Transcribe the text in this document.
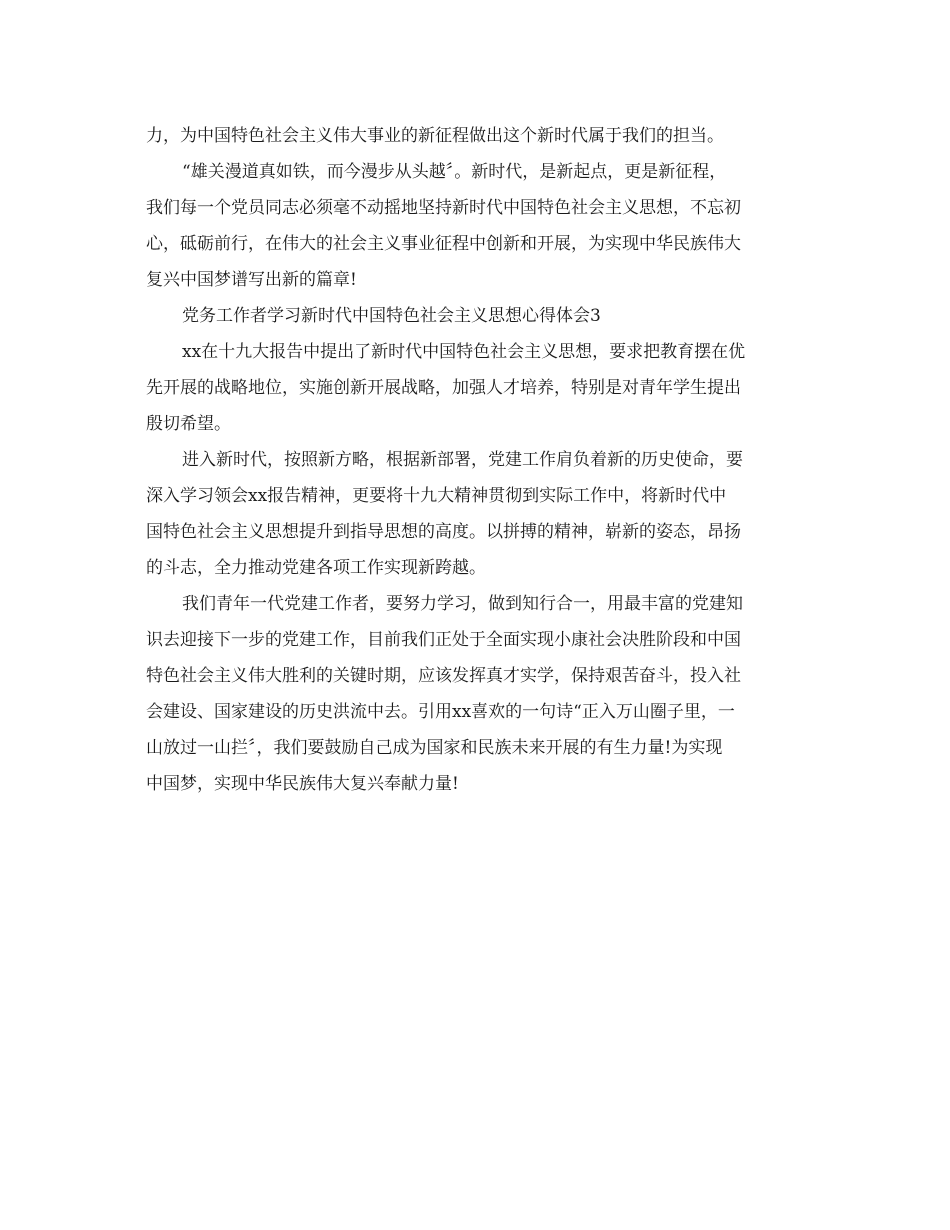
力，为中国特色社会主义伟大事业的新征程做出这个新时代属于我们的担当。
“雄关漫道真如铁，而今漫步从头越〞。新时代，是新起点，更是新征程，
我们每一个党员同志必须毫不动摇地坚持新时代中国特色社会主义思想，不忘初
心，砥砺前行，在伟大的社会主义事业征程中创新和开展，为实现中华民族伟大
复兴中国梦谱写出新的篇章!
党务工作者学习新时代中国特色社会主义思想心得体会3
xx在十九大报告中提出了新时代中国特色社会主义思想，要求把教育摆在优
先开展的战略地位，实施创新开展战略，加强人才培养，特别是对青年学生提出
殷切希望。
进入新时代，按照新方略，根据新部署，党建工作肩负着新的历史使命，要
深入学习领会xx报告精神，更要将十九大精神贯彻到实际工作中，将新时代中
国特色社会主义思想提升到指导思想的高度。以拼搏的精神，崭新的姿态，昂扬
的斗志，全力推动党建各项工作实现新跨越。
我们青年一代党建工作者，要努力学习，做到知行合一，用最丰富的党建知
识去迎接下一步的党建工作，目前我们正处于全面实现小康社会决胜阶段和中国
特色社会主义伟大胜利的关键时期，应该发挥真才实学，保持艰苦奋斗，投入社
会建设、国家建设的历史洪流中去。引用xx喜欢的一句诗“正入万山圈子里，一
山放过一山拦〞，我们要鼓励自己成为国家和民族未来开展的有生力量!为实现
中国梦，实现中华民族伟大复兴奉献力量!
